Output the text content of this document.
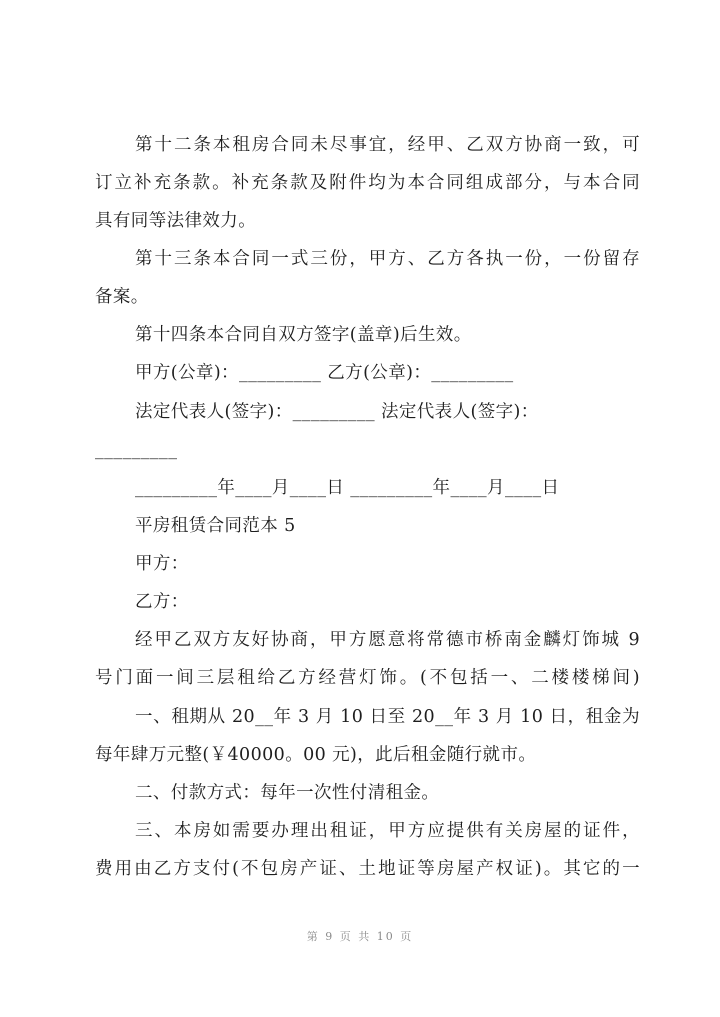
第十二条本租房合同未尽事宜，经甲、乙双方协商一致，可
订立补充条款。补充条款及附件均为本合同组成部分，与本合同
具有同等法律效力。
第十三条本合同一式三份，甲方、乙方各执一份，一份留存
备案。
第十四条本合同自双方签字(盖章)后生效。
甲方(公章)：_________ 乙方(公章)：_________
法定代表人(签字)：_________ 法定代表人(签字)：
_________
_________年____月____日 _________年____月____日
平房租赁合同范本 5
甲方：
乙方：
经甲乙双方友好协商，甲方愿意将常德市桥南金麟灯饰城 9
号门面一间三层租给乙方经营灯饰。(不包括一、二楼楼梯间)
一、租期从 20__年 3 月 10 日至 20__年 3 月 10 日，租金为
每年肆万元整(￥40000。00 元)，此后租金随行就市。
二、付款方式：每年一次性付清租金。
三、本房如需要办理出租证，甲方应提供有关房屋的证件，
费用由乙方支付(不包房产证、土地证等房屋产权证)。其它的一
第 9 页 共 10 页
